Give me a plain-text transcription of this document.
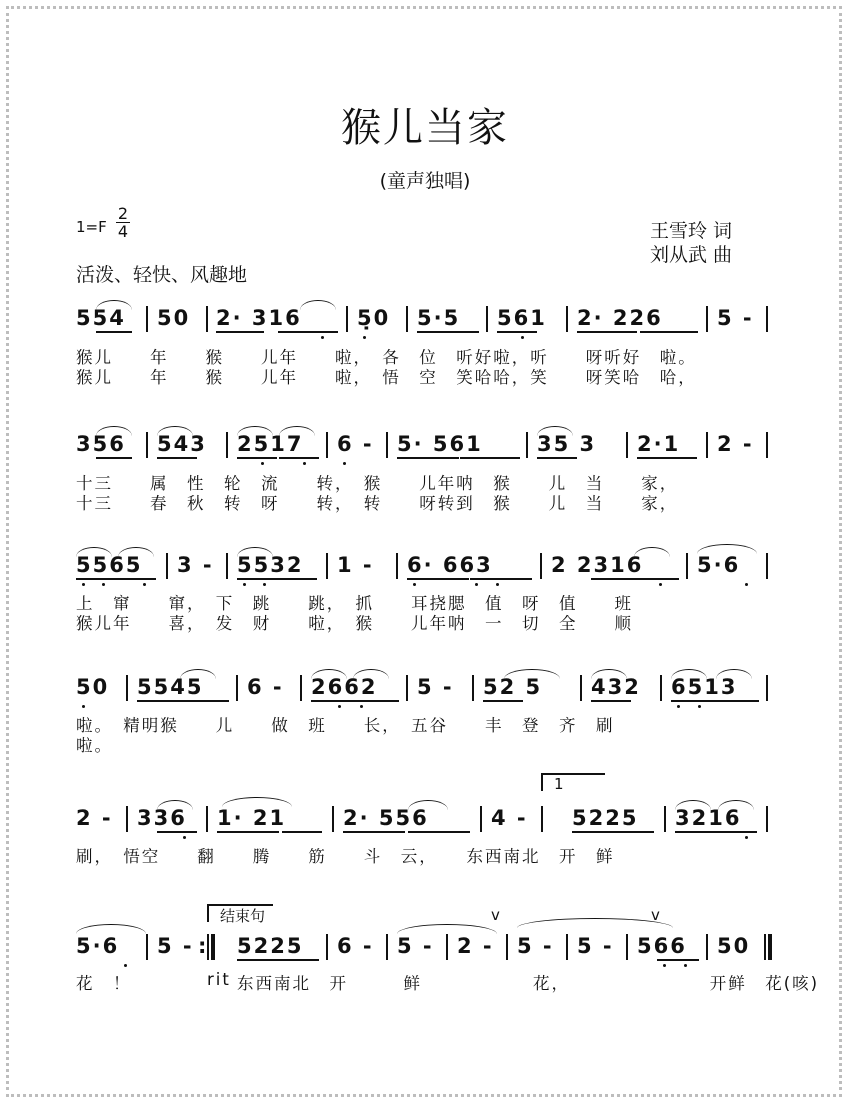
猴儿当家
(童声独唱)
1=F
2
4	王雪玲 词
刘从武 曲
活泼、轻快、风趣地
554 50 2· 316	5̣0 5·5 561 2· 226	5 -
猴儿　　年　　猴　　儿年　　啦，　各　位　听好啦，听　　呀听好　啦。
猴儿　　年　　猴　　儿年　　啦，　悟　空　笑哈哈，笑　　呀笑哈　哈，
356 543 2517 6 - 5· 561	35 3 2·1 2 -
十三　　属　性　轮　流　　转，　猴　　儿年呐　猴　　儿　当　　家，
十三　　春　秋　转　呀　　转，　转　　呀转到　猴　　儿　当　　家，
5565 3 - 5532 1 - 6· 663	2 2316	5·6
上　窜　　窜，　下　跳　　跳，　抓　　耳挠腮　值　呀　值　　班
猴儿年　　喜，　发　财　　啦，　猴　　儿年呐　一　切　全　　顺
50 5545 6 - 2662 5 - 52 5 432 6513
啦。　精明猴　　儿　　做　班　　长，　五谷　　丰　登　齐　刷
啦。
1
2 - 336 1· 21	2· 556	4 - 5225 3216
刷，　悟空　　翻　　腾　　筋　　斗　云，　　东西南北　开　鲜
结束句	v	v
5·6 5 - : 5225 6 - 5 - 2 - 5 - 5 - 566 50
花　！	rit 东西南北　开　　　鲜　　　　　　花，　　　　　　　　开鲜　花(咳)
